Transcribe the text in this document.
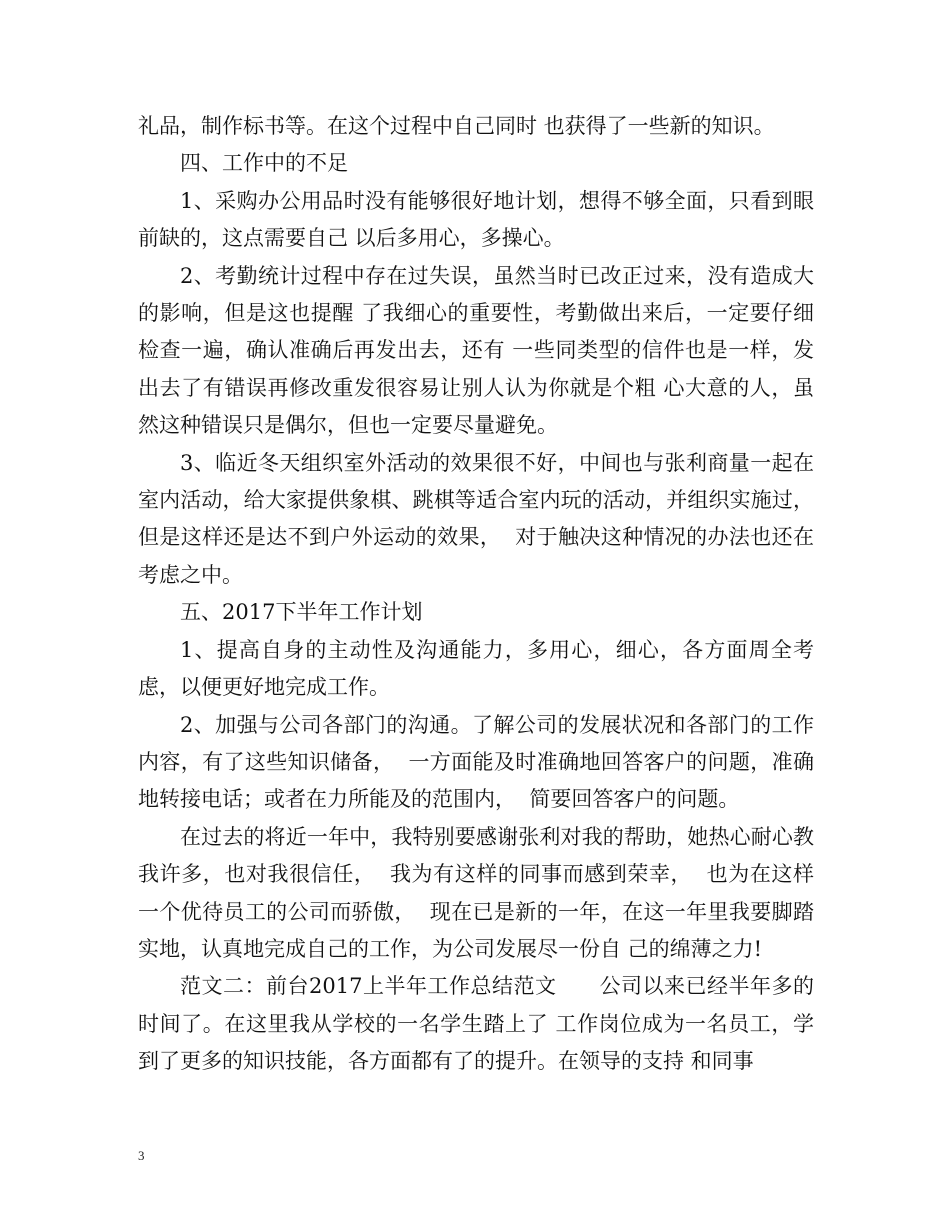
礼品，制作标书等。在这个过程中自己同时 也获得了一些新的知识。

四、工作中的不足

1、采购办公用品时没有能够很好地计划，想得不够全面，只看到眼前缺的，这点需要自己 以后多用心，多操心。

2、考勤统计过程中存在过失误，虽然当时已改正过来，没有造成大的影响，但是这也提醒 了我细心的重要性，考勤做出来后，一定要仔细检查一遍，确认准确后再发出去，还有 一些同类型的信件也是一样，发出去了有错误再修改重发很容易让别人认为你就是个粗 心大意的人，虽然这种错误只是偶尔，但也一定要尽量避免。

3、临近冬天组织室外活动的效果很不好，中间也与张利商量一起在室内活动，给大家提供象棋、跳棋等适合室内玩的活动，并组织实施过，但是这样还是达不到户外运动的效果，  对于触决这种情况的办法也还在考虑之中。

五、2017下半年工作计划

1、提高自身的主动性及沟通能力，多用心，细心，各方面周全考虑，以便更好地完成工作。

2、加强与公司各部门的沟通。了解公司的发展状况和各部门的工作内容，有了这些知识储备，  一方面能及时准确地回答客户的问题，准确地转接电话；或者在力所能及的范围内，  简要回答客户的问题。

在过去的将近一年中，我特别要感谢张利对我的帮助，她热心耐心教我许多，也对我很信任，  我为有这样的同事而感到荣幸，  也为在这样一个优待员工的公司而骄傲，  现在已是新的一年，在这一年里我要脚踏实地，认真地完成自己的工作，为公司发展尽一份自 己的绵薄之力!

范文二：前台2017上半年工作总结范文      公司以来已经半年多的时间了。在这里我从学校的一名学生踏上了 工作岗位成为一名员工，学到了更多的知识技能，各方面都有了的提升。在领导的支持 和同事

3
